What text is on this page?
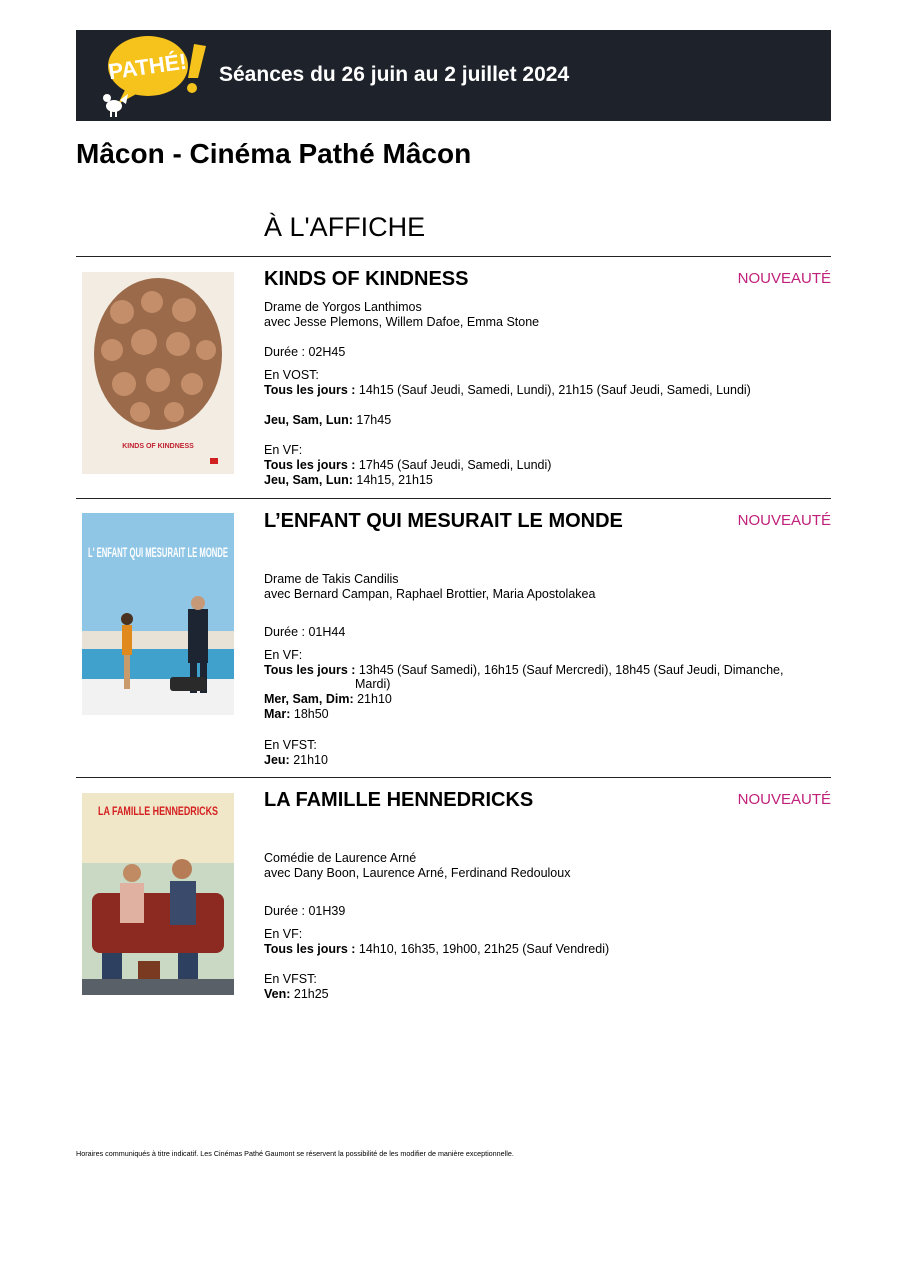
PATHÉ! Séances du 26 juin au 2 juillet 2024
Mâcon - Cinéma Pathé Mâcon
À L'AFFICHE
KINDS OF KINDNESS
KINDS OF KINDNESS	NOUVEAUTÉ
Drame de Yorgos Lanthimos
avec Jesse Plemons, Willem Dafoe, Emma Stone
Durée : 02H45
En VOST:
Tous les jours : 14h15 (Sauf Jeudi, Samedi, Lundi), 21h15 (Sauf Jeudi, Samedi, Lundi)
Jeu, Sam, Lun: 17h45
En VF:
Tous les jours : 17h45 (Sauf Jeudi, Samedi, Lundi)
Jeu, Sam, Lun: 14h15, 21h15
L' ENFANT QUI MESURAIT LE MONDE
L’ENFANT QUI MESURAIT LE MONDE	NOUVEAUTÉ
Drame de Takis Candilis
avec Bernard Campan, Raphael Brottier, Maria Apostolakea
Durée : 01H44
En VF:
Tous les jours : 13h45 (Sauf Samedi), 16h15 (Sauf Mercredi), 18h45 (Sauf Jeudi, Dimanche,
Mardi)
Mer, Sam, Dim: 21h10
Mar: 18h50
En VFST:
Jeu: 21h10
LA FAMILLE HENNEDRICKS LA FAMILLE HENNEDRICKS	NOUVEAUTÉ
Comédie de Laurence Arné
avec Dany Boon, Laurence Arné, Ferdinand Redouloux
Durée : 01H39
En VF:
Tous les jours : 14h10, 16h35, 19h00, 21h25 (Sauf Vendredi)
En VFST:
Ven: 21h25
Horaires communiqués à titre indicatif. Les Cinémas Pathé Gaumont se réservent la possibilité de les modifier de manière exceptionnelle.
